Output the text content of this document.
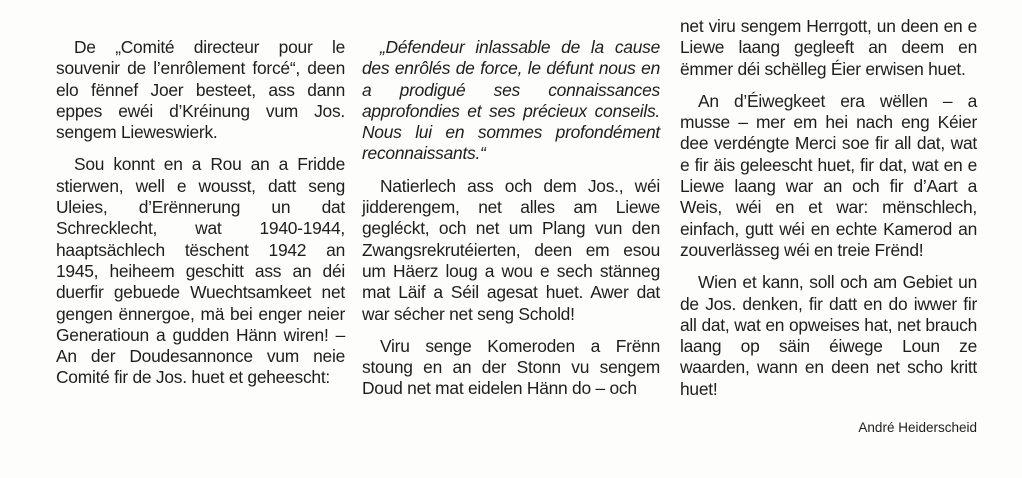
De „Comité directeur pour le souvenir de l’enrôlement forcé“, deen elo fënnef Joer besteet, ass dann eppes ewéi d’Kréinung vum Jos. sengem Lieweswierk.

Sou konnt en a Rou an a Fridde stierwen, well e wousst, datt seng Uleies, d’Erënnerung un dat Schrecklecht, wat 1940-1944, haaptsächlech tëschent 1942 an 1945, heiheem geschitt ass an déi duerfir gebuede Wuechtsamkeet net gengen ënnergoe, mä bei enger neier Generatioun a gudden Hänn wiren! – An der Doudesannonce vum neie Comité fir de Jos. huet et geheescht:

„Défendeur inlassable de la cause des enrôlés de force, le défunt nous en a prodigué ses connaissances approfondies et ses précieux conseils. Nous lui en sommes profondément reconnaissants.“

Natierlech ass och dem Jos., wéi jidderengem, net alles am Liewe gegléckt, och net um Plang vun den Zwangsrekrutéierten, deen em esou um Häerz loug a wou e sech stänneg mat Läif a Séil agesat huet. Awer dat war sécher net seng Schold!

Viru senge Komeroden a Frënn stoung en an der Stonn vu sengem Doud net mat eidelen Hänn do – och

net viru sengem Herrgott, un deen en e Liewe laang gegleeft an deem en ëmmer déi schëlleg Éier erwisen huet.

An d’Éiwegkeet era wëllen – a musse – mer em hei nach eng Kéier dee verdéngte Merci soe fir all dat, wat e fir äis geleescht huet, fir dat, wat en e Liewe laang war an och fir d’Aart a Weis, wéi en et war: mënschlech, einfach, gutt wéi en echte Kamerod an zouverlässeg wéi en treie Frënd!

Wien et kann, soll och am Gebiet un de Jos. denken, fir datt en do iwwer fir all dat, wat en opweises hat, net brauch laang op säin éiwege Loun ze waarden, wann en deen net scho kritt huet!

André Heiderscheid
